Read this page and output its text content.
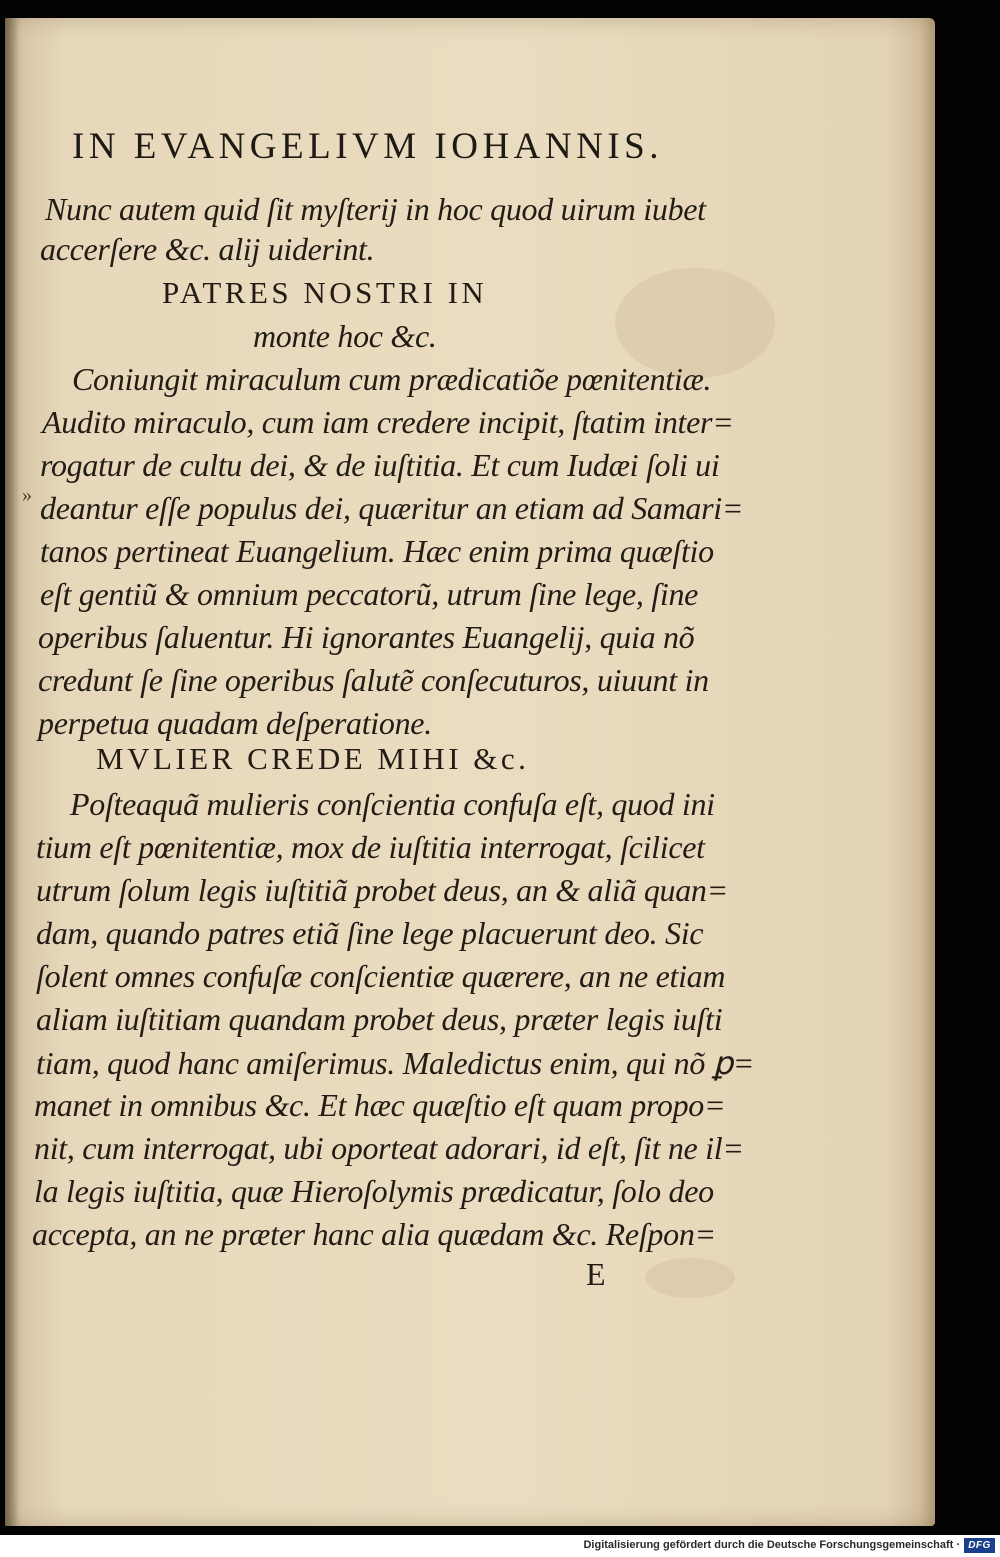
IN EVANGELIVM IOHANNIS.
»
Nunc autem quid ſit myſterij in hoc quod uirum iubet
accerſere &c. alij uiderint.
PATRES NOSTRI IN
monte hoc &c.
Coniungit miraculum cum prædicatiõe pœnitentiæ.
Audito miraculo, cum iam credere incipit, ſtatim inter=
rogatur de cultu dei, & de iuſtitia. Et cum Iudæi ſoli ui
deantur eſſe populus dei, quæritur an etiam ad Samari=
tanos pertineat Euangelium. Hæc enim prima quæſtio
eſt gentiũ & omnium peccatorũ, utrum ſine lege, ſine
operibus ſaluentur. Hi ignorantes Euangelij, quia nõ
credunt ſe ſine operibus ſalutẽ conſecuturos, uiuunt in
perpetua quadam deſperatione.
MVLIER CREDE MIHI &c.
Poſteaquã mulieris conſcientia confuſa eſt, quod ini
tium eſt pœnitentiæ, mox de iuſtitia interrogat, ſcilicet
utrum ſolum legis iuſtitiã probet deus, an & aliã quan=
dam, quando patres etiã ſine lege placuerunt deo. Sic
ſolent omnes confuſæ conſcientiæ quærere, an ne etiam
aliam iuſtitiam quandam probet deus, præter legis iuſti
tiam, quod hanc amiſerimus. Maledictus enim, qui nõ ꝑ=
manet in omnibus &c. Et hæc quæſtio eſt quam propo=
nit, cum interrogat, ubi oporteat adorari, id eſt, ſit ne il=
la legis iuſtitia, quæ Hieroſolymis prædicatur, ſolo deo
accepta, an ne præter hanc alia quædam &c. Reſpon=
E
Digitalisierung gefördert durch die Deutsche Forschungsgemeinschaft · DFG
